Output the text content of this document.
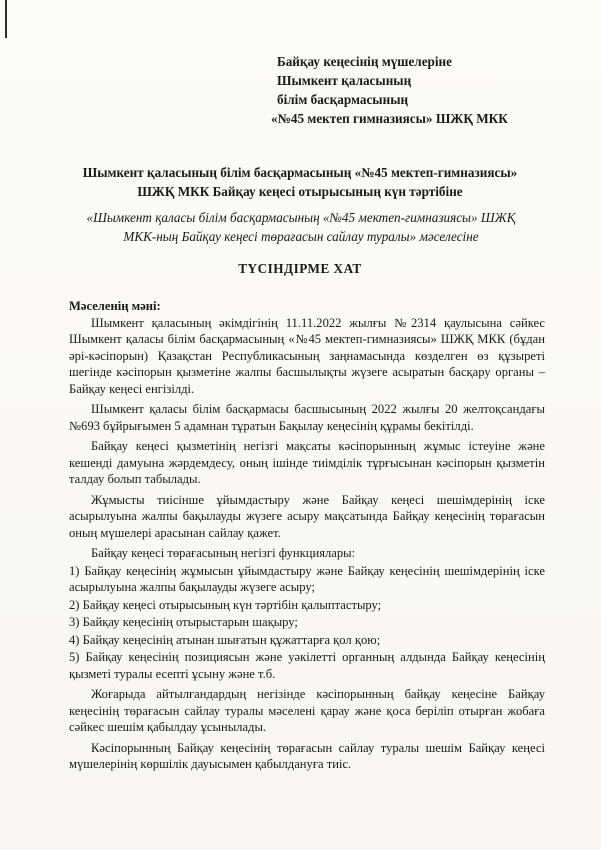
Байқау кеңесінің мүшелеріне
Шымкент қаласының
білім басқармасының
«№45 мектеп гимназиясы» ШЖҚ МКК
Шымкент қаласының білім басқармасының «№45 мектеп-гимназиясы»
ШЖҚ МКК Байқау кеңесі отырысының күн тәртібіне
«Шымкент қаласы білім басқармасының «№45 мектеп-гимназиясы» ШЖҚ
МКК-ның Байқау кеңесі төрағасын сайлау туралы» мәселесіне
ТҮСІНДІРМЕ ХАТ
Мәселенің мәні:

Шымкент қаласының әкімдігінің 11.11.2022 жылғы №2314 қаулысына сәйкес Шымкент қаласы білім басқармасының «№45 мектеп-гимназиясы» ШЖҚ МКК (бұдан әрі-кәсіпорын) Қазақстан Республикасының заңнамасында көзделген өз құзыреті шегінде кәсіпорын қызметіне жалпы басшылықты жүзеге асыратын басқару органы – Байқау кеңесі енгізілді.

Шымкент қаласы білім басқармасы басшысының 2022 жылғы 20 желтоқсандағы №693 бұйрығымен 5 адамнан тұратын Бақылау кеңесінің құрамы бекітілді.

Байқау кеңесі қызметінің негізгі мақсаты кәсіпорынның жұмыс істеуіне және кешенді дамуына жәрдемдесу, оның ішінде тиімділік тұрғысынан кәсіпорын қызметін талдау болып табылады.

Жұмысты тиісінше ұйымдастыру және Байқау кеңесі шешімдерінің іске асырылуына жалпы бақылауды жүзеге асыру мақсатында Байқау кеңесінің төрағасын оның мүшелері арасынан сайлау қажет.

Байқау кеңесі төрағасының негізгі функциялары:

1) Байқау кеңесінің жұмысын ұйымдастыру және Байқау кеңесінің шешімдерінің іске асырылуына жалпы бақылауды жүзеге асыру;

2) Байқау кеңесі отырысының күн тәртібін қалыптастыру;

3) Байқау кеңесінің отырыстарын шақыру;

4) Байқау кеңесінің атынан шығатын құжаттарға қол қою;

5) Байқау кеңесінің позициясын және уәкілетті органның алдында Байқау кеңесінің қызметі туралы есепті ұсыну және т.б.

Жоғарыда айтылғандардың негізінде кәсіпорынның байқау кеңесіне Байқау кеңесінің төрағасын сайлау туралы мәселені қарау және қоса беріліп отырған жобаға сәйкес шешім қабылдау ұсынылады.

Кәсіпорынның Байқау кеңесінің төрағасын сайлау туралы шешім Байқау кеңесі мүшелерінің көршілік дауысымен қабылдануға тиіс.
